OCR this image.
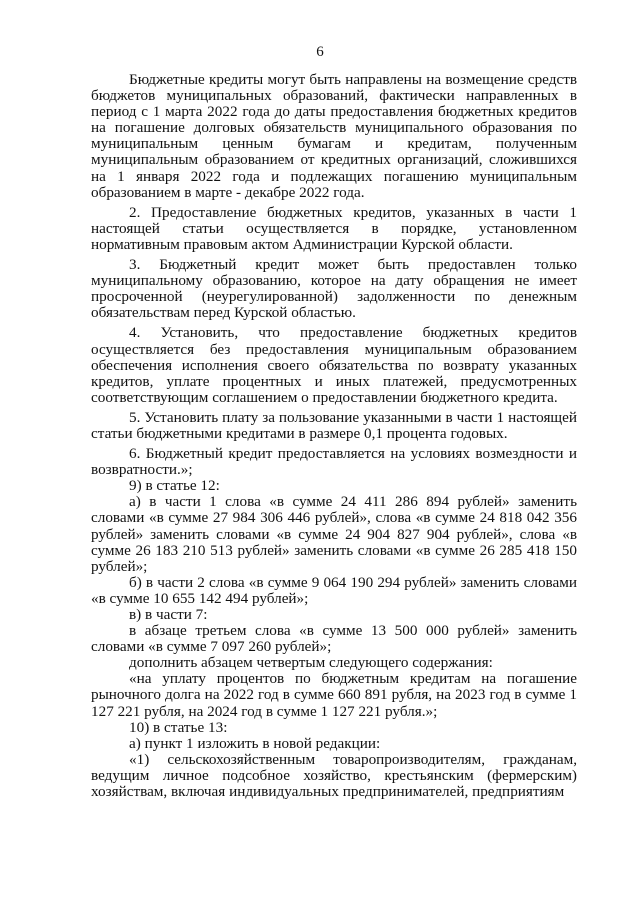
6

Бюджетные кредиты могут быть направлены на возмещение средств бюджетов муниципальных образований, фактически направленных в период с 1 марта 2022 года до даты предоставления бюджетных кредитов на погашение долговых обязательств муниципального образования по муниципальным ценным бумагам и кредитам, полученным муниципальным образованием от кредитных организаций, сложившихся на 1 января 2022 года и подлежащих погашению муниципальным образованием в марте - декабре 2022 года.

2. Предоставление бюджетных кредитов, указанных в части 1 настоящей статьи осуществляется в порядке, установленном нормативным правовым актом Администрации Курской области.

3. Бюджетный кредит может быть предоставлен только муниципальному образованию, которое на дату обращения не имеет просроченной (неурегулированной) задолженности по денежным обязательствам перед Курской областью.

4. Установить, что предоставление бюджетных кредитов осуществляется без предоставления муниципальным образованием обеспечения исполнения своего обязательства по возврату указанных кредитов, уплате процентных и иных платежей, предусмотренных соответствующим соглашением о предоставлении бюджетного кредита.

5. Установить плату за пользование указанными в части 1 настоящей статьи бюджетными кредитами в размере 0,1 процента годовых.

6. Бюджетный кредит предоставляется на условиях возмездности и возвратности.»;

9) в статье 12:

а) в части 1 слова «в сумме 24 411 286 894 рублей» заменить словами «в сумме 27 984 306 446 рублей», слова «в сумме 24 818 042 356 рублей» заменить словами «в сумме 24 904 827 904 рублей», слова «в сумме 26 183 210 513 рублей» заменить словами «в сумме 26 285 418 150 рублей»;

б) в части 2 слова «в сумме 9 064 190 294 рублей» заменить словами «в сумме 10 655 142 494 рублей»;

в) в части 7:

в абзаце третьем слова «в сумме 13 500 000 рублей» заменить словами «в сумме 7 097 260 рублей»;

дополнить абзацем четвертым следующего содержания:

«на уплату процентов по бюджетным кредитам на погашение рыночного долга на 2022 год в сумме 660 891 рубля, на 2023 год в сумме 1 127 221 рубля, на 2024 год в сумме 1 127 221 рубля.»;

10) в статье 13:

а) пункт 1 изложить в новой редакции:

«1) сельскохозяйственным товаропроизводителям, гражданам, ведущим личное подсобное хозяйство, крестьянским (фермерским) хозяйствам, включая индивидуальных предпринимателей, предприятиям
